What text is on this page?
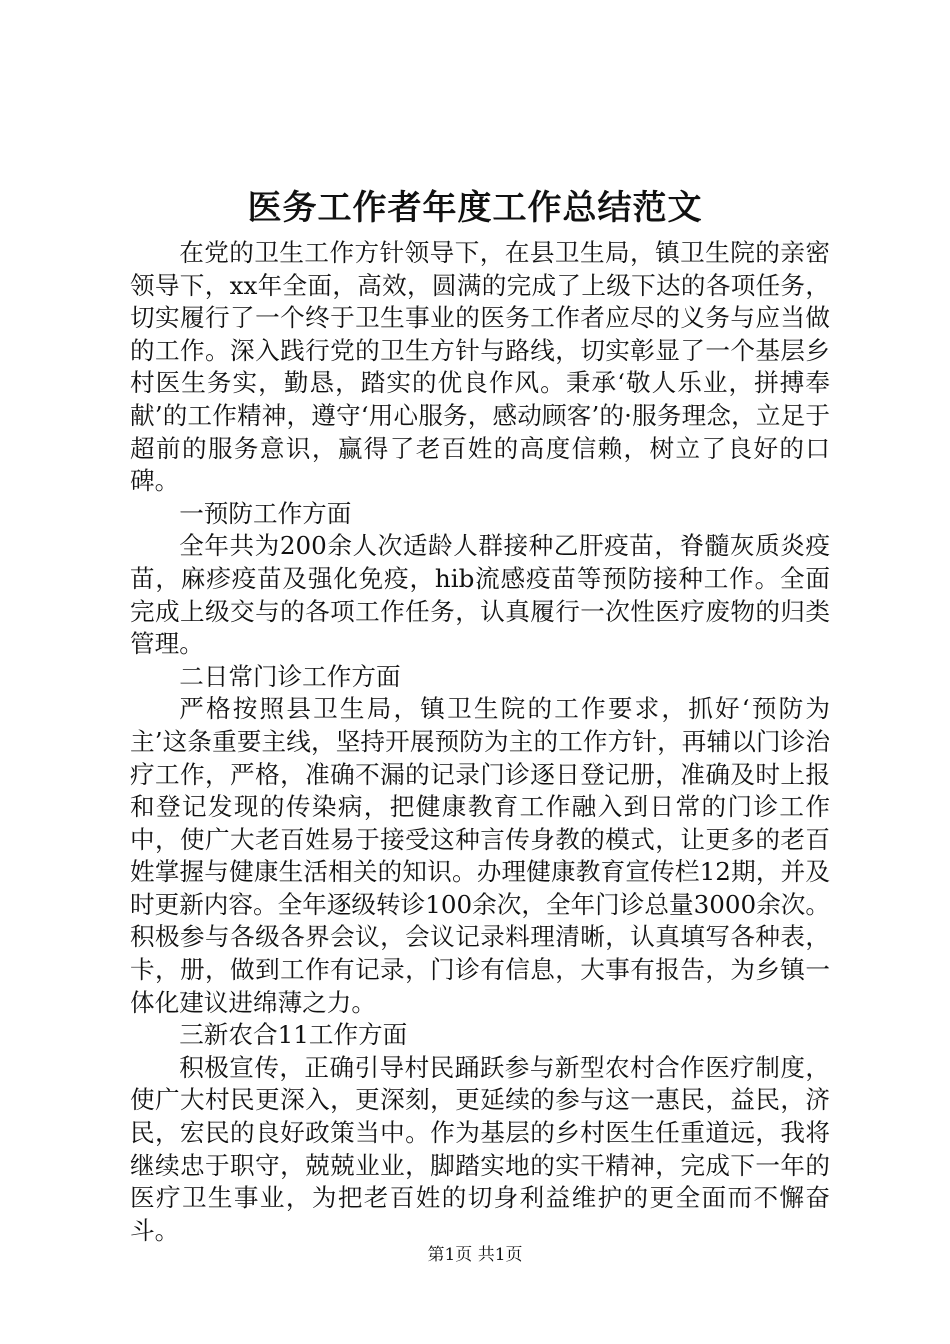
医务工作者年度工作总结范文

在党的卫生工作方针领导下，在县卫生局，镇卫生院的亲密领导下，xx年全面，高效，圆满的完成了上级下达的各项任务，切实履行了一个终于卫生事业的医务工作者应尽的义务与应当做的工作。深入践行党的卫生方针与路线，切实彰显了一个基层乡村医生务实，勤恳，踏实的优良作风。秉承‘敬人乐业，拼搏奉献’的工作精神，遵守‘用心服务，感动顾客’的·服务理念，立足于超前的服务意识，赢得了老百姓的高度信赖，树立了良好的口碑。

一预防工作方面

全年共为200余人次适龄人群接种乙肝疫苗，脊髓灰质炎疫苗，麻疹疫苗及强化免疫，hib流感疫苗等预防接种工作。全面完成上级交与的各项工作任务，认真履行一次性医疗废物的归类管理。

二日常门诊工作方面

严格按照县卫生局，镇卫生院的工作要求，抓好‘预防为主’这条重要主线，坚持开展预防为主的工作方针，再辅以门诊治疗工作，严格，准确不漏的记录门诊逐日登记册，准确及时上报和登记发现的传染病，把健康教育工作融入到日常的门诊工作中，使广大老百姓易于接受这种言传身教的模式，让更多的老百姓掌握与健康生活相关的知识。办理健康教育宣传栏12期，并及时更新内容。全年逐级转诊100余次，全年门诊总量3000余次。积极参与各级各界会议，会议记录料理清晰，认真填写各种表，卡，册，做到工作有记录，门诊有信息，大事有报告，为乡镇一体化建议进绵薄之力。

三新农合11工作方面

积极宣传，正确引导村民踊跃参与新型农村合作医疗制度，使广大村民更深入，更深刻，更延续的参与这一惠民，益民，济民，宏民的良好政策当中。作为基层的乡村医生任重道远，我将继续忠于职守，兢兢业业，脚踏实地的实干精神，完成下一年的医疗卫生事业，为把老百姓的切身利益维护的更全面而不懈奋斗。

第1页 共1页
